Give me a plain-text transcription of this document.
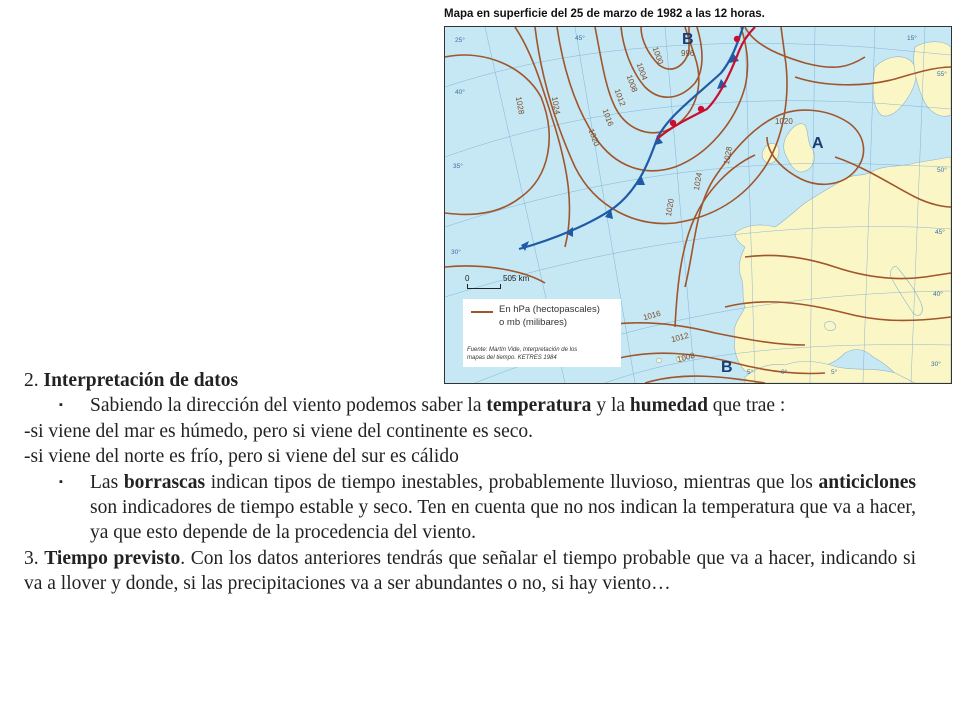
Mapa en superficie del 25 de marzo de 1982 a las 12 horas.
B
A
B
996
1000
1004
1008
1012
1016
1020
1024
1028
1020
1024
1028
1020
1016
1012
1008
45°
40°
35°
30°
25°	15°
55°
50°
45°
40°
30°
5°	0°	5°
0	505 km
En hPa (hectopascales)
o mb (milibares)
Fuente: Martín Vide, Interpretación de los
mapas del tiempo. KETRES 1984

2. Interpretación de datos

▪ Sabiendo la dirección del viento podemos saber la temperatura y la humedad que trae :

-si viene del mar es húmedo, pero si viene del continente es seco.

-si viene del norte es frío, pero si viene del sur es cálido

▪ Las borrascas indican tipos de tiempo inestables, probablemente lluvioso, mientras que los anticiclones son indicadores de tiempo estable y seco. Ten en cuenta que no nos indican la temperatura que va a hacer, ya que esto depende de la procedencia del viento.

3. Tiempo previsto. Con los datos anteriores tendrás que señalar el tiempo probable que va a hacer, indicando si va a llover y donde, si las precipitaciones va a ser abundantes o no, si hay viento…
